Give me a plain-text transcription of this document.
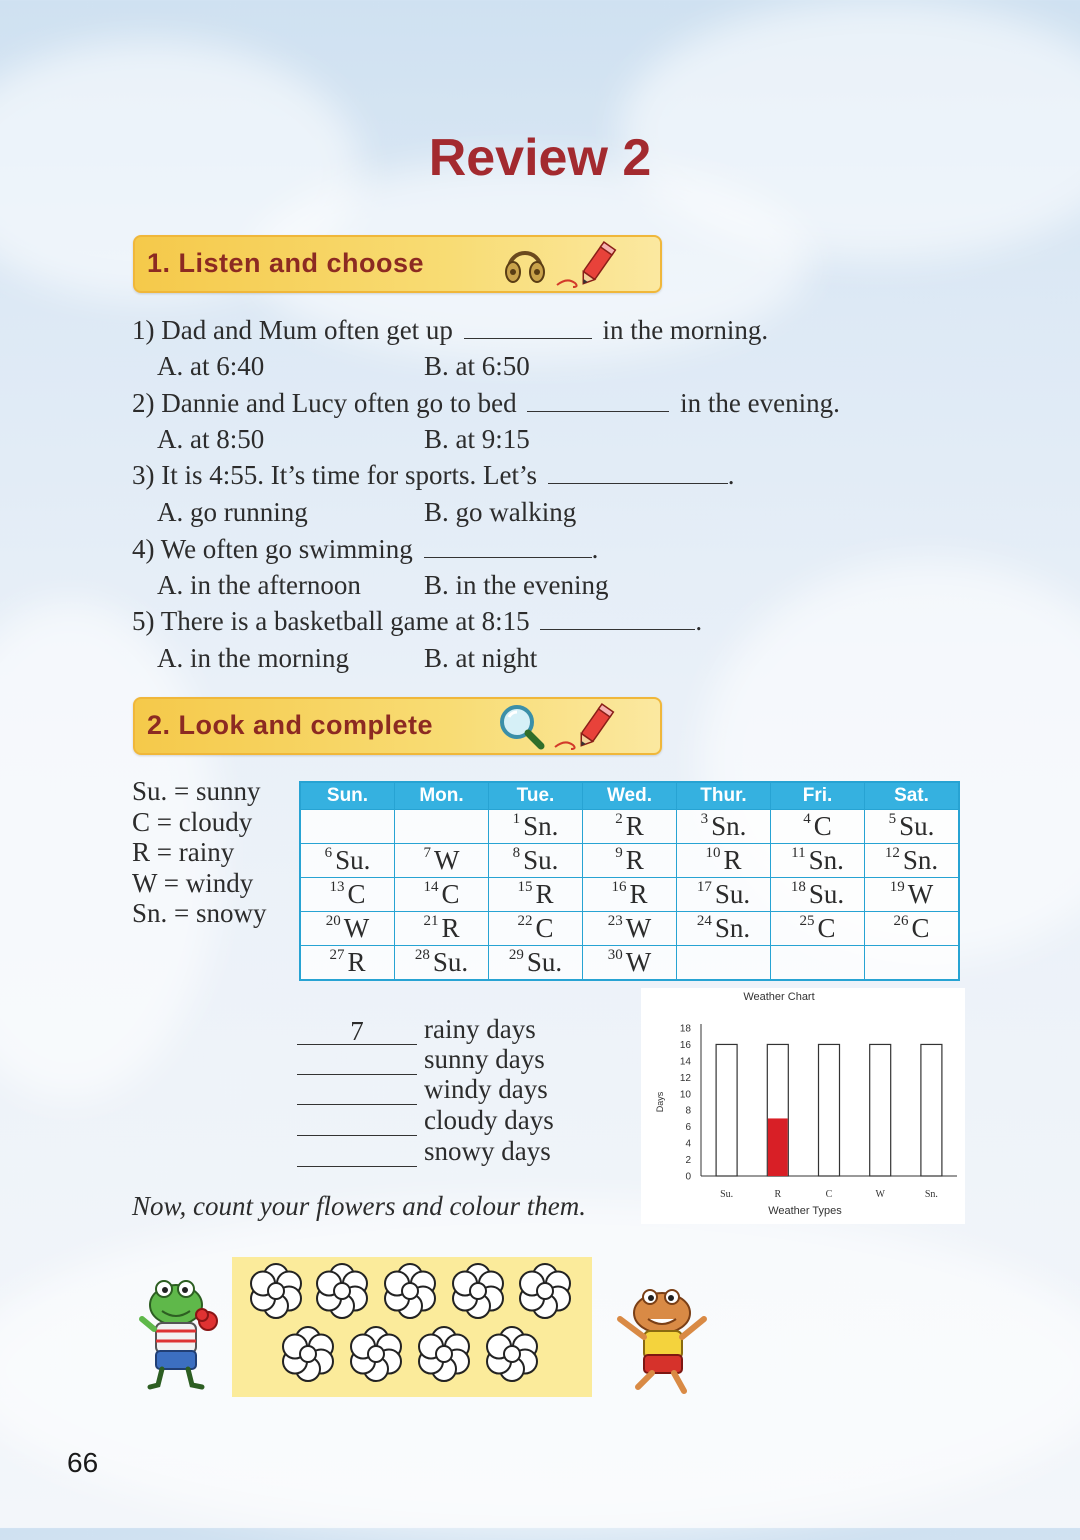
Review 2
1. Listen and choose
1) Dad and Mum often get up	in the morning.
A. at 6:40	B. at 6:50
2) Dannie and Lucy often go to bed	in the evening.
A. at 8:50	B. at 9:15
3) It is 4:55. It’s time for sports. Let’s	.
A. go running	B. go walking
4) We often go swimming	.
A. in the afternoon B. in the evening
5) There is a basketball game at 8:15	.
A. in the morning	B. at night
2. Look and complete
Su. = sunny
C = cloudy
R = rainy
W = windy
Sn. = snowy
Sun.	Mon.	Tue.	Wed.	Thur.	Fri.	Sat.
		$^1$ Sn.	$^2$ R	$^3$ Sn.	$^4$ C	$^5$ Su.
$^6$ Su.	$^7$ W	$^8$ Su.	$^9$ R	$^{10}$ R	$^{11}$ Sn.	$^{12}$ Sn.
$^{13}$ C	$^{14}$ C	$^{15}$ R	$^{16}$ R	$^{17}$ Su.	$^{18}$ Su.	$^{19}$ W
$^{20}$ W	$^{21}$ R	$^{22}$ C	$^{23}$ W	$^{24}$ Sn.	$^{25}$ C	$^{26}$ C
$^{27}$ R	$^{28}$ Su.	$^{29}$ Su.	$^{30}$ W			
7 rainy days
sunny days
windy days
cloudy days
snowy days
Now, count your flowers and colour them.
Weather Chart
Weather Types
Days
0
2
4
6
8
10
12
14
16
18
Su.	R	C	W	Sn.
66
